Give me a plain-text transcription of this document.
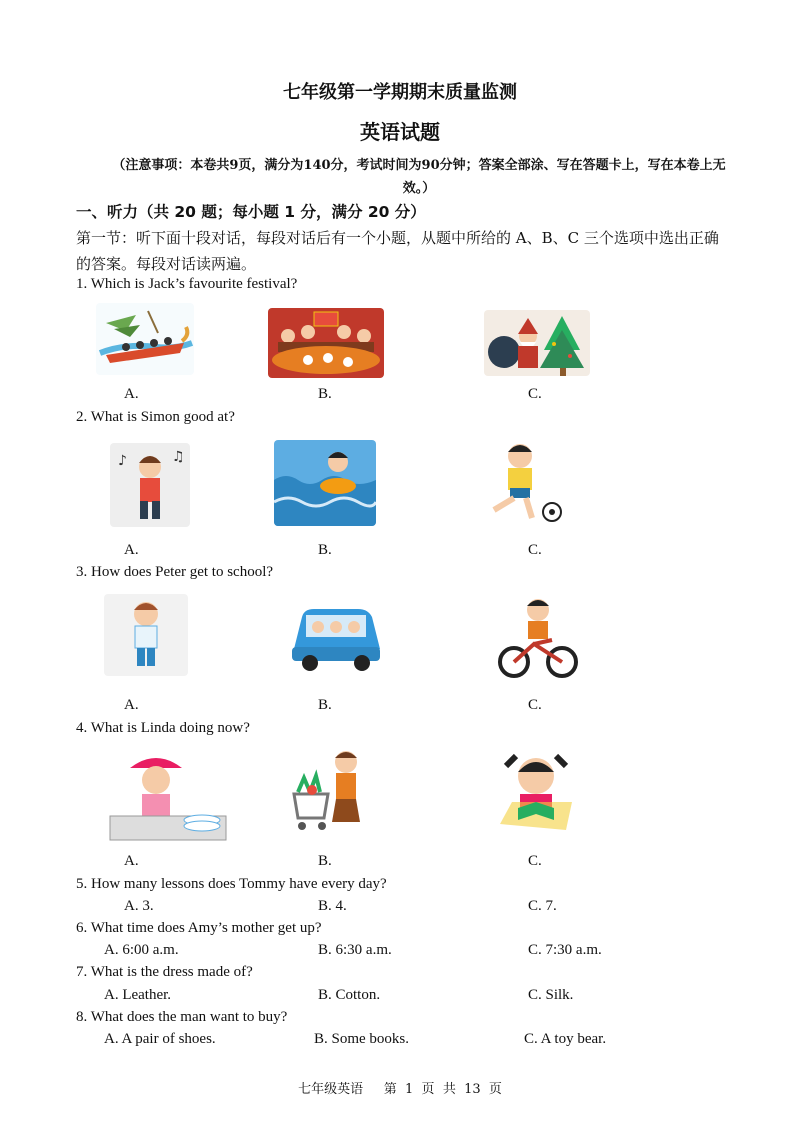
七年级第一学期期末质量监测
英语试题
（注意事项：本卷共9页，满分为140分，考试时间为90分钟；答案全部涂、写在答题卡上，写在本卷上无效。）
一、听力（共 20 题；每小题 1 分，满分 20 分）
第一节：听下面十段对话，每段对话后有一个小题，从题中所给的 A、B、C 三个选项中选出正确的答案。每段对话读两遍。
1. Which is Jack’s favourite festival?
A.	B.	C.
2. What is Simon good at?
♪	♫
A.	B.	C.
3. How does Peter get to school?
A.	B.	C.
4. What is Linda doing now?
A.	B.	C.
5. How many lessons does Tommy have every day?
A. 3.	B. 4.	C. 7.
6. What time does Amy’s mother get up?
A. 6:00 a.m.	B. 6:30 a.m.	C. 7:30 a.m.
7. What is the dress made of?
A. Leather.	B. Cotton.	C. Silk.
8. What does the man want to buy?
A. A pair of shoes.	B. Some books.	C. A toy bear.
七年级英语     第  1  页  共  13  页
